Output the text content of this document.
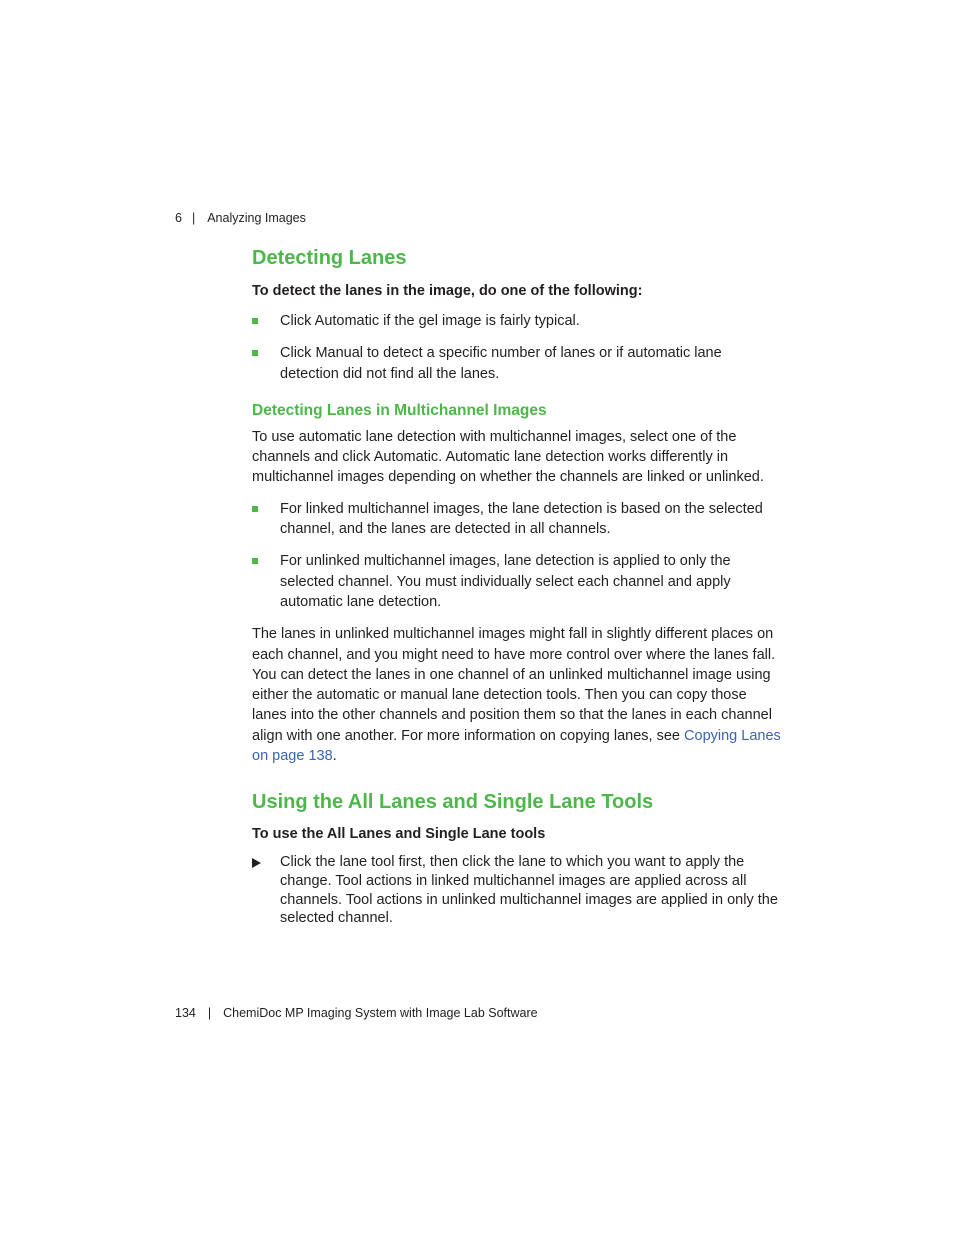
6 | Analyzing Images
Detecting Lanes

To detect the lanes in the image, do one of the following:

Click Automatic if the gel image is fairly typical.
Click Manual to detect a specific number of lanes or if automatic lane detection did not find all the lanes.
Detecting Lanes in Multichannel Images

To use automatic lane detection with multichannel images, select one of the channels and click Automatic. Automatic lane detection works differently in multichannel images depending on whether the channels are linked or unlinked.

For linked multichannel images, the lane detection is based on the selected channel, and the lanes are detected in all channels.
For unlinked multichannel images, lane detection is applied to only the selected channel. You must individually select each channel and apply automatic lane detection.

The lanes in unlinked multichannel images might fall in slightly different places on each channel, and you might need to have more control over where the lanes fall. You can detect the lanes in one channel of an unlinked multichannel image using either the automatic or manual lane detection tools. Then you can copy those lanes into the other channels and position them so that the lanes in each channel align with one another. For more information on copying lanes, see Copying Lanes on page 138.

Using the All Lanes and Single Lane Tools

To use the All Lanes and Single Lane tools

Click the lane tool first, then click the lane to which you want to apply the change. Tool actions in linked multichannel images are applied across all channels. Tool actions in unlinked multichannel images are applied in only the selected channel.
134 | ChemiDoc MP Imaging System with Image Lab Software
